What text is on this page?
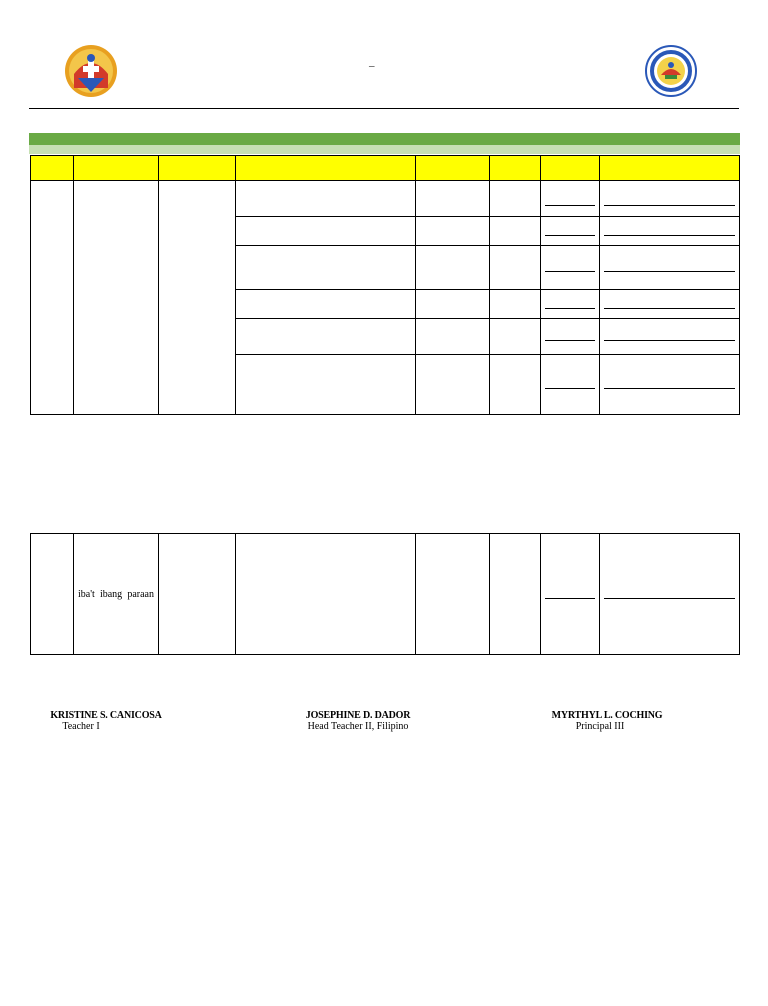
–

iba't ibang paraan

KRISTINE S. CANICOSA
Teacher I
JOSEPHINE D. DADOR
Head Teacher II, Filipino
MYRTHYL L. COCHING
Principal III
